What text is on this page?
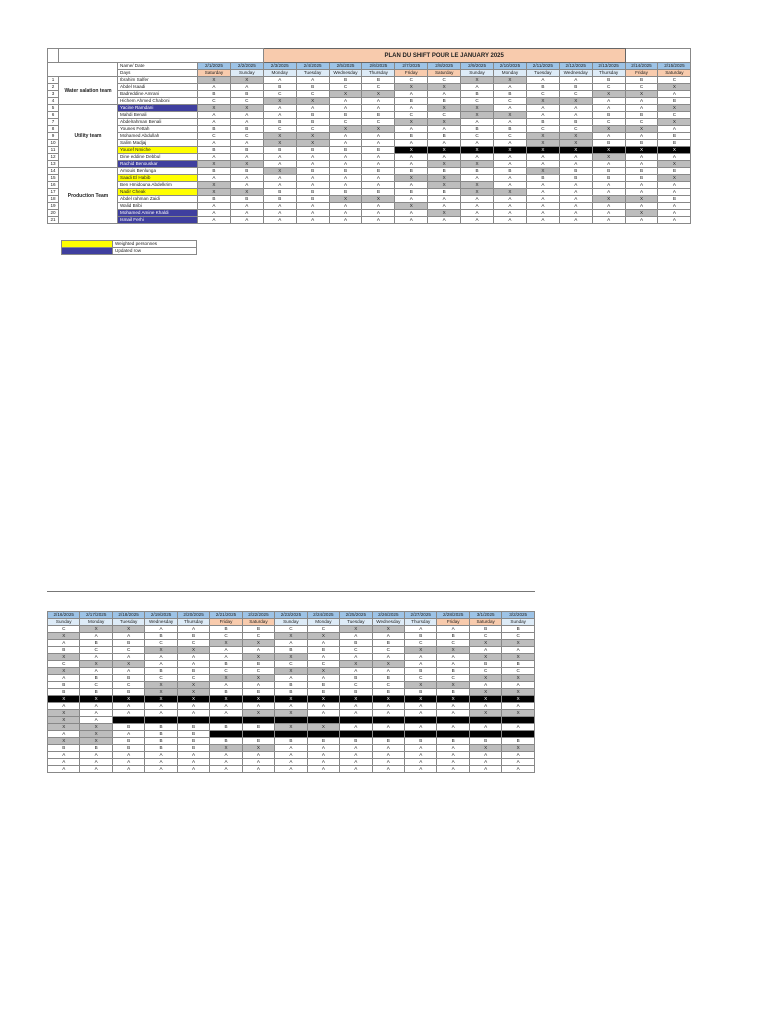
					PLAN DU SHIFT POUR LE JANUARY 2025												
		Name/ Date	2/1/2025	2/2/2025	2/3/2025	2/4/2025	2/5/2025	2/6/2025	2/7/2025	2/8/2025	2/9/2025	2/10/2025	2/11/2025	2/12/2025	2/13/2025	2/14/2025	2/15/2025
		Days	Saturday	Sunday	Monday	Tuesday	Wednesday	Thursday	Friday	Saturday	Sunday	Monday	Tuesday	Wednesday	Thursday	Friday	Saturday
1	Water salation team	Ibrahim Salfer	X	X	A	A	B	B	C	C	X	X	A	A	B	B	C
2		Abdel Isaadi	A	A	B	B	C	C	X	X	A	A	B	B	C	C	X
3		Badreddine Amrani	B	B	C	C	X	X	A	A	B	B	C	C	X	X	A
4		Hichem Ahmed Chaboni	C	C	X	X	A	A	B	B	C	C	X	X	A	A	B
5	Utility team	Yacine Ramdani	X	X	A	A	A	A	A	X	X	A	A	A	A	A	X
6		Mahdi Benali	A	A	A	B	B	B	C	C	X	X	A	A	B	B	C
7		Abdelrahman Benali	A	A	B	B	C	C	X	X	A	A	B	B	C	C	X
8		Younes Fettah	B	B	C	C	X	X	A	A	B	B	C	C	X	X	A
9		Mohamed Abdullah	C	C	X	X	A	A	B	B	C	C	X	X	A	A	B
10		Salim Madjaj	A	A	X	X	A	A	A	A	A	A	X	X	B	B	B
11		Youcef Nmiche	B	B	B	B	B	B	X	X	X	X	X	X	X	X	X
12		Dine eddine Debbul	A	A	A	A	A	A	A	A	A	A	A	A	X	A	A
13		Rachid Benouskar	X	X	A	A	A	A	A	X	X	A	A	A	A	A	X
14	Production Team	Amouis Benlunga	B	B	X	B	B	B	B	B	B	B	X	B	B	B	B
15		Saadi El Habib	A	A	A	A	A	A	X	X	A	A	B	B	B	B	X
16		Ben Hmidouna Abdelkrim	X	A	A	A	A	A	A	X	X	A	A	A	A	A	A
17		Nadir Cheak	X	X	B	B	B	B	B	B	X	X	A	A	A	A	A
18		Abdel rahman Zaidi	B	B	B	B	X	X	A	A	A	A	A	A	X	X	B
19		Walid Bribi	A	A	A	A	A	A	X	A	A	A	A	A	A	A	A
20		Mohamed Amine Khaldi	A	A	A	A	A	A	A	X	A	A	A	A	A	X	A
21		Ismail Ferhi	A	A	A	A	A	A	A	A	A	A	A	A	A	A	A
	Weighted personnes
	Updated row
2/16/2025	2/17/2025	2/18/2025	2/19/2025	2/20/2025	2/21/2025	2/22/2025	2/23/2025	2/24/2025	2/25/2025	2/26/2025	2/27/2025	2/28/2025	3/1/2025	3/2/2025
Sunday	Monday	Tuesday	Wednesday	Thursday	Friday	Saturday	Sunday	Monday	Tuesday	Wednesday	Thursday	Friday	Saturday	Sunday
C	X	X	A	A	B	B	C	C	X	X	A	A	B	B
X	A	A	B	B	C	C	X	X	A	A	B	B	C	C
A	B	B	C	C	X	X	A	A	B	B	C	C	X	X
B	C	C	X	X	A	A	B	B	C	C	X	X	A	A
X	A	A	A	A	A	X	X	A	A	A	A	A	X	X
C	X	X	A	A	B	B	C	C	X	X	A	A	B	B
X	A	A	B	B	C	C	X	X	A	A	B	B	C	C
A	B	B	C	C	X	X	A	A	B	B	C	C	X	X
B	C	C	X	X	A	A	B	B	C	C	X	X	A	A
B	B	B	X	X	B	B	B	B	B	B	B	B	X	X
X	X	X	X	X	X	X	X	X	X	X	X	X	X	X
A	A	A	A	A	A	A	A	A	A	A	A	A	A	A
X	A	A	A	A	A	X	X	A	A	A	A	A	X	X
X	A													
X	X	B	B	B	B	B	X	X	A	A	A	A	A	A
A	X	A	B	B										
X	X	B	B	B	B	B	B	B	B	B	B	B	B	B
B	B	B	B	B	X	X	A	A	A	A	A	A	X	X
A	A	A	A	A	A	A	A	A	A	A	A	A	A	A
A	A	A	A	A	A	A	A	A	A	A	A	A	A	A
A	A	A	A	A	A	A	A	A	A	A	A	A	A	A
